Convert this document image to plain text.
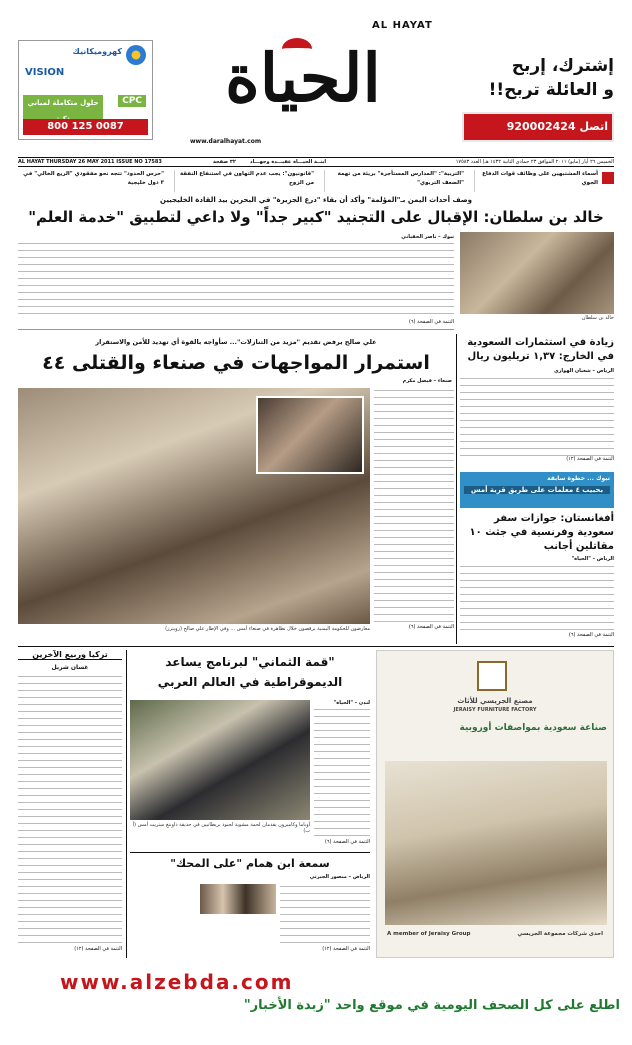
كهروميكانيك
VISION
CPC
حلول متكاملة لمباني
800 125 0087
AL HAYAT
الحياة
www.daralhayat.com
إشترك، إربح
و العائلة تربح!!
اتصل 920002424
AL HAYAT THURSDAY 26 MAY 2011 ISSUE NO 17583	ابنــة الحيـــاة عقيـــدة وجهـــاد
٣٢ صفحة	الخميس ٢٦ أيار (مايو) ٢٠١١ الموافق ٢٣ جمادى الثانية ١٤٣٢ هـ) العدد ١٧٥٨٣
أسماء المشتبهين على وظائف قوات الدفاع الجوي
"التربية": "المدارس المستأجرة" بريئة من تهمة "الضعف التربوي"
"قانونيون": يجب عدم التهاون في استنفاع النفقة من الزوج
"حرس الحدود" تتجه نحو مفقودي "الريع الخالي" في ٣ دول خليجية
وصف أحداث اليمن بـ"المؤلمة" وأكد أن بقاء "درع الجزيرة" في البحرين بيد القادة الخليجيين
خالد بن سلطان: الإقبال على التجنيد "كبير جداً" ولا داعي لتطبيق "خدمة العلم"
خالد بن سلطان
تبوك – ناصر الحقباني
التتمة في الصفحة (٦)
علي صالح يرفض تقديم "مزيد من التنازلات"... سأواجه بالقوة أي تهديد للأمن والاستقرار
استمرار المواجهات في صنعاء والقتلى ٤٤
صنعاء – فيصل مكرم
معارضون للحكومة اليمنية يرقصون خلال تظاهرة في صنعاء أمس ... وفي الإطار علي صالح (رويترز)	التتمة في الصفحة (٦)
زيادة في استثمارات السعودية في الخارج: ١,٣٧ تريليون ريال
الرياض – شعبان الهواري
التتمة في الصفحة (١٢)
تبوك ... خطوة سابقة
بحبيب ٤ معلمات على طريق قرية أمس
أفغانستان: جوازات سفر سعودية وفرنسية في جثث ١٠ مقاتلين أجانب
الرياض – "الحياة"
التتمة في الصفحة (٦)
تركيا وربيع الآخرين
غسان شربل
التتمة في الصفحة (١٢)
"قمة الثماني" لبرنامج يساعد الديموقراطية في العالم العربي
أوباما وكاميرون يقدمان لحمة مشوية لجنود بريطانيين في حديقة داوننغ ستريت أمس (أ ب)
لندن – "الحياة"
التتمة في الصفحة (٦)
سمعة ابن همام "على المحك"
الرياض – منصور الجبرتي
التتمة في الصفحة (١٢)
مصنع الجريسي للأثاث
JERAISY FURNITURE FACTORY
صناعة سعودية بمواصفات أوروبية
A member of Jeraisy Group	احدى شركات مجموعة الجريسي
www.alzebda.com
اطلع على كل الصحف اليومية في موقع واحد "زبدة الأخبار"
